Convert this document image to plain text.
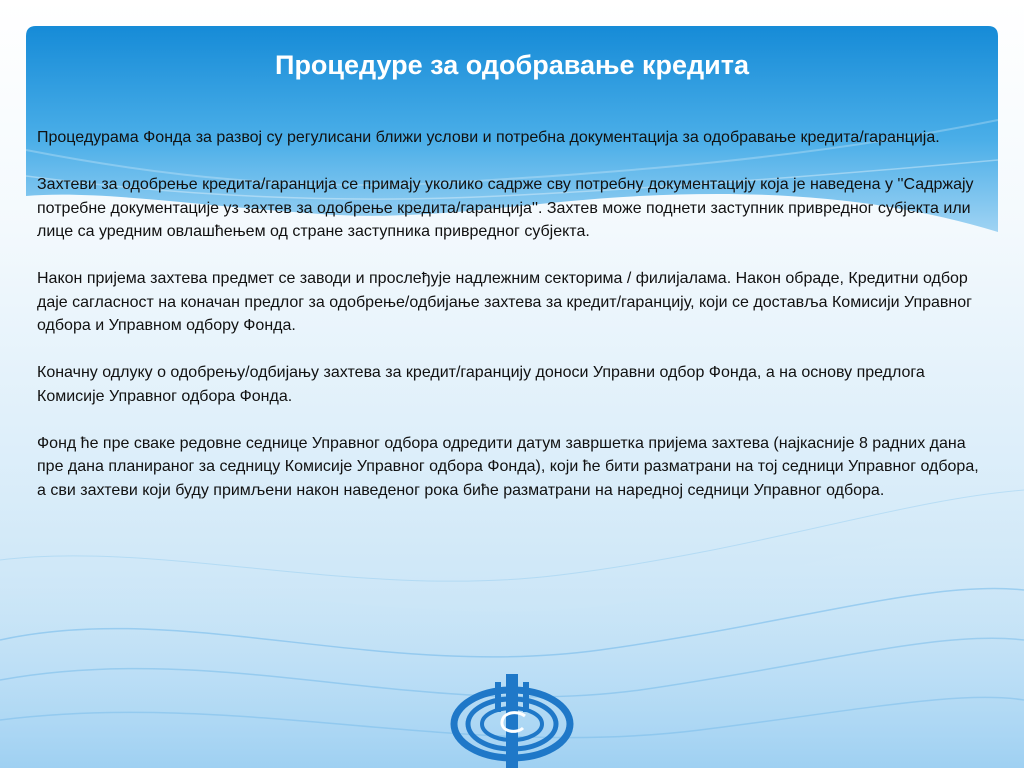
Процедуре за одобравање кредита

Процедурама Фонда за развој су регулисани ближи услови и потребна документација за одобравање кредита/гаранција.

Захтеви за одобрење кредита/гаранција се примају уколико садрже сву потребну документацију која је наведена у ''Садржају потребне документације уз захтев за одобрење кредита/гаранција''. Захтев може поднети заступник привредног субјекта или лице са уредним овлашћењем од стране заступника привредног субјекта.

Након пријема захтева предмет се заводи и прослеђује надлежним секторима / филијалама. Након обраде, Кредитни одбор даје сагласност на коначан предлог за одобрење/одбијање захтева за кредит/гаранцију, који се доставља Комисији Управног одбора и Управном одбору Фонда.

Коначну одлуку о одобрењу/одбијању захтева за кредит/гаранцију доноси Управни одбор Фонда, а на основу предлога Комисије Управног одбора Фонда.

Фонд ће пре сваке редовне седнице Управног одбора одредити датум завршетка пријема захтева (најкасније 8 радних дана пре дана планираног за седницу Комисије Управног одбора Фонда), који ће бити разматрани на тој седници Управног одбора, а сви захтеви који буду примљени након наведеног рока биће разматрани на наредној седници Управног одбора.
